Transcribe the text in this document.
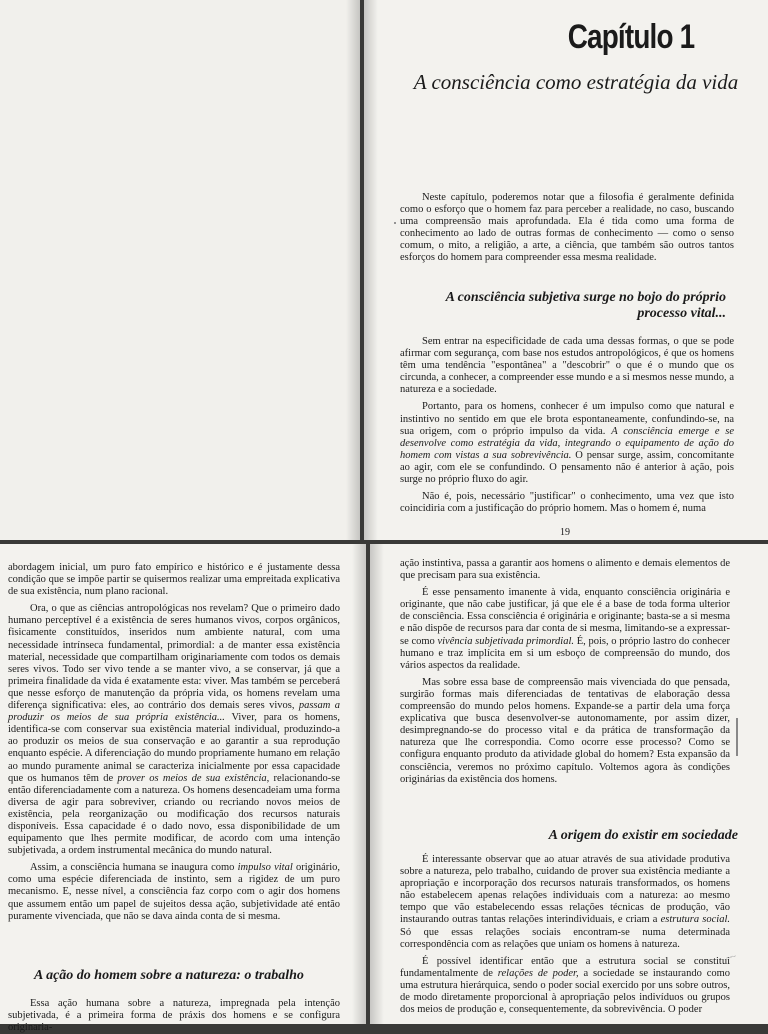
Capítulo 1
A consciência como estratégia da vida

Neste capítulo, poderemos notar que a filosofia é geralmente definida como o esforço que o homem faz para perceber a realidade, no caso, buscando uma compreensão mais aprofundada. Ela é tida como uma forma de conhecimento ao lado de outras formas de conhecimento — como o senso comum, o mito, a religião, a arte, a ciência, que também são outros tantos esforços do homem para compreender essa mesma realidade.

A consciência subjetiva surge no bojo do próprio
processo vital...

Sem entrar na especificidade de cada uma dessas formas, o que se pode afirmar com segurança, com base nos estudos antropológicos, é que os homens têm uma tendência "espontânea" a "descobrir" o que é o mundo que os circunda, a conhecer, a compreender esse mundo e a si mesmos nesse mundo, a natureza e a sociedade.

Portanto, para os homens, conhecer é um impulso como que natural e instintivo no sentido em que ele brota espontaneamente, confundindo-se, na sua origem, com o próprio impulso da vida. A consciência emerge e se desenvolve como estratégia da vida, integrando o equipamento de ação do homem com vistas a sua sobrevivência. O pensar surge, assim, concomitante ao agir, com ele se confundindo. O pensamento não é anterior à ação, pois surge no próprio fluxo do agir.

Não é, pois, necessário "justificar" o conhecimento, uma vez que isto coincidiria com a justificação do próprio homem. Mas o homem é, numa

19

abordagem inicial, um puro fato empírico e histórico e é justamente dessa condição que se impõe partir se quisermos realizar uma empreitada explicativa de sua existência, num plano racional.

Ora, o que as ciências antropológicas nos revelam? Que o primeiro dado humano perceptível é a existência de seres humanos vivos, corpos orgânicos, fisicamente constituídos, inseridos num ambiente natural, com uma necessidade intrínseca fundamental, primordial: a de manter essa existência material, necessidade que compartilham originariamente com todos os demais seres vivos. Todo ser vivo tende a se manter vivo, a se conservar, já que a primeira finalidade da vida é exatamente esta: viver. Mas também se perceberá que nesse esforço de manutenção da própria vida, os homens revelam uma diferença significativa: eles, ao contrário dos demais seres vivos, passam a produzir os meios de sua própria existência... Viver, para os homens, identifica-se com conservar sua existência material individual, produzindo-a ao produzir os meios de sua conservação e ao garantir a sua reprodução enquanto espécie. A diferenciação do mundo propriamente humano em relação ao mundo puramente animal se caracteriza inicialmente por essa capacidade que os humanos têm de prover os meios de sua existência, relacionando-se então diferenciadamente com a natureza. Os homens desencadeiam uma forma diversa de agir para sobreviver, criando ou recriando novos meios de existência, pela reorganização ou modificação dos recursos naturais disponíveis. Essa capacidade é o dado novo, essa disponibilidade de um equipamento que lhes permite modificar, de acordo com uma intenção subjetivada, a ordem instrumental mecânica do mundo natural.

Assim, a consciência humana se inaugura como impulso vital originário, como uma espécie diferenciada de instinto, sem a rigidez de um puro mecanismo. E, nesse nível, a consciência faz corpo com o agir dos homens que assumem então um papel de sujeitos dessa ação, subjetividade até então puramente vivenciada, que não se dava ainda conta de si mesma.

A ação do homem sobre a natureza: o trabalho

Essa ação humana sobre a natureza, impregnada pela intenção subjetivada, é a primeira forma de práxis dos homens e se configura originaria-

ação instintiva, passa a garantir aos homens o alimento e demais elementos de que precisam para sua existência.

É esse pensamento imanente à vida, enquanto consciência originária e originante, que não cabe justificar, já que ele é a base de toda forma ulterior de consciência. Essa consciência é originária e originante; basta-se a si mesma e não dispõe de recursos para dar conta de si mesma, limitando-se a expressar-se como vivência subjetivada primordial. É, pois, o próprio lastro do conhecer humano e traz implícita em si um esboço de compreensão do mundo, dos vários aspectos da realidade.

Mas sobre essa base de compreensão mais vivenciada do que pensada, surgirão formas mais diferenciadas de tentativas de elaboração dessa compreensão do mundo pelos homens. Expande-se a partir dela uma força explicativa que busca desenvolver-se autonomamente, por assim dizer, desimpregnando-se do processo vital e da prática de transformação da natureza que lhe correspondia. Como ocorre esse processo? Como se configura enquanto produto da atividade global do homem? Esta expansão da consciência, veremos no próximo capítulo. Voltemos agora às condições originárias da existência dos homens.

A origem do existir em sociedade

É interessante observar que ao atuar através de sua atividade produtiva sobre a natureza, pelo trabalho, cuidando de prover sua existência mediante a apropriação e incorporação dos recursos naturais transformados, os homens não estabelecem apenas relações individuais com a natureza: ao mesmo tempo que vão estabelecendo essas relações técnicas de produção, vão instaurando outras tantas relações interindividuais, e criam a estrutura social. Só que essas relações sociais encontram-se numa determinada correspondência com as relações que uniam os homens à natureza.

É possível identificar então que a estrutura social se constitui fundamentalmente de relações de poder, a sociedade se instaurando como uma estrutura hierárquica, sendo o poder social exercido por uns sobre outros, de modo diretamente proporcional à apropriação pelos indivíduos ou grupos dos meios de produção e, consequentemente, da sobrevivência. O poder

~~
